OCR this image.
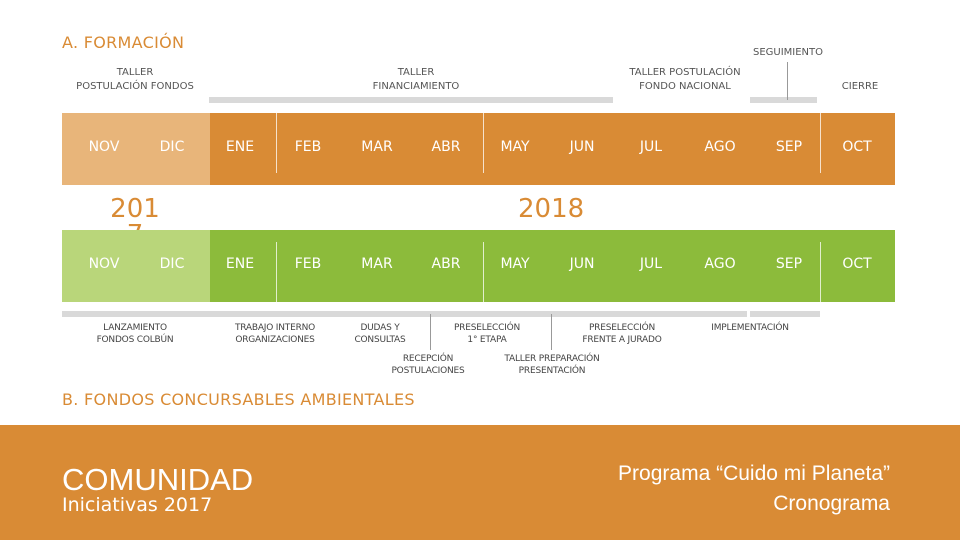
A. FORMACIÓN
TALLER
POSTULACIÓN FONDOS
TALLER
FINANCIAMIENTO
TALLER POSTULACIÓN
FONDO NACIONAL
SEGUIMIENTO
CIERRE
NOV	DIC	ENE	FEB	MAR	ABR	MAY	JUN	JUL	AGO	SEP	OCT
201	2018
NOV	DIC	ENE	FEB	MAR	ABR	MAY	JUN	JUL	AGO	SEP	OCT
LANZAMIENTO
FONDOS COLBÚN
TRABAJO INTERNO
ORGANIZACIONES
DUDAS Y
CONSULTAS
PRESELECCIÓN
1° ETAPA
PRESELECCIÓN
FRENTE A JURADO
IMPLEMENTACIÓN
RECEPCIÓN
POSTULACIONES
TALLER PREPARACIÓN
PRESENTACIÓN
B. FONDOS CONCURSABLES AMBIENTALES
COMUNIDAD
Iniciativas 2017
Programa “Cuido mi Planeta”
Cronograma
